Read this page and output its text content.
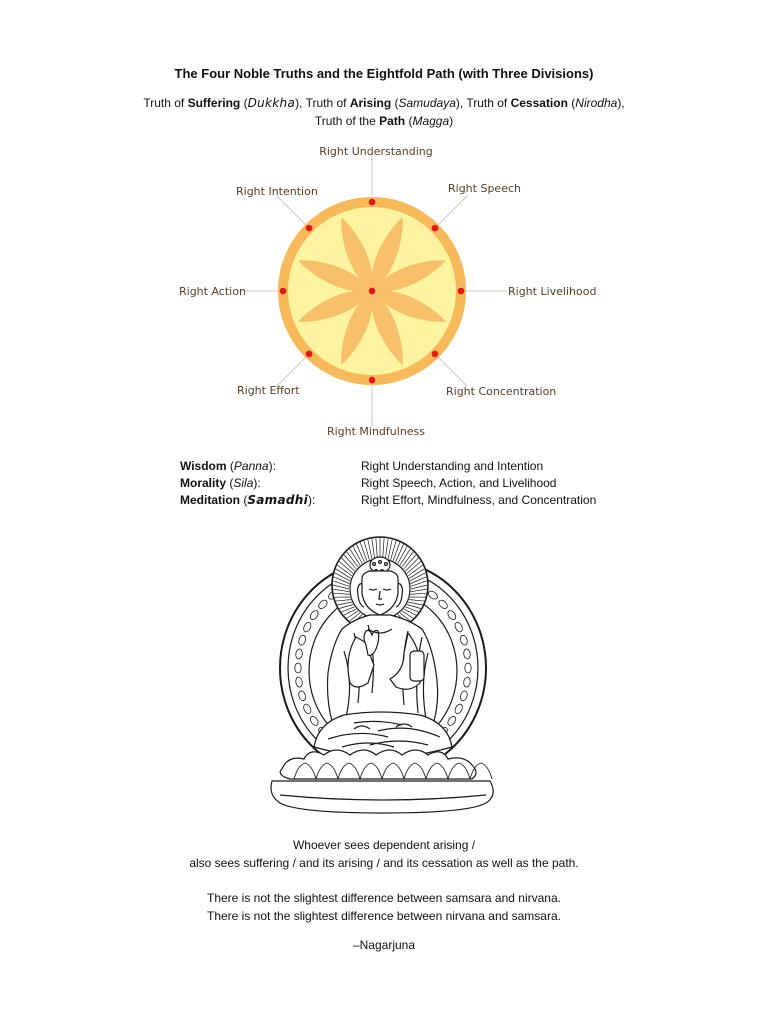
The Four Noble Truths and the Eightfold Path (with Three Divisions)
Truth of Suffering (Dukkha), Truth of Arising (Samudaya), Truth of Cessation (Nirodha),
Truth of the Path (Magga)
Right Understanding
Right Speech
Right Livelihood
Right Concentration
Right Mindfulness
Right Effort
Right Action
Right Intention
Wisdom (Panna):	Right Understanding and Intention
Morality (Sila):	Right Speech, Action, and Livelihood
Meditation (Samadhi):	Right Effort, Mindfulness, and Concentration

Whoever sees dependent arising /

also sees suffering / and its arising / and its cessation as well as the path.

There is not the slightest difference between samsara and nirvana.

There is not the slightest difference between nirvana and samsara.

–Nagarjuna
